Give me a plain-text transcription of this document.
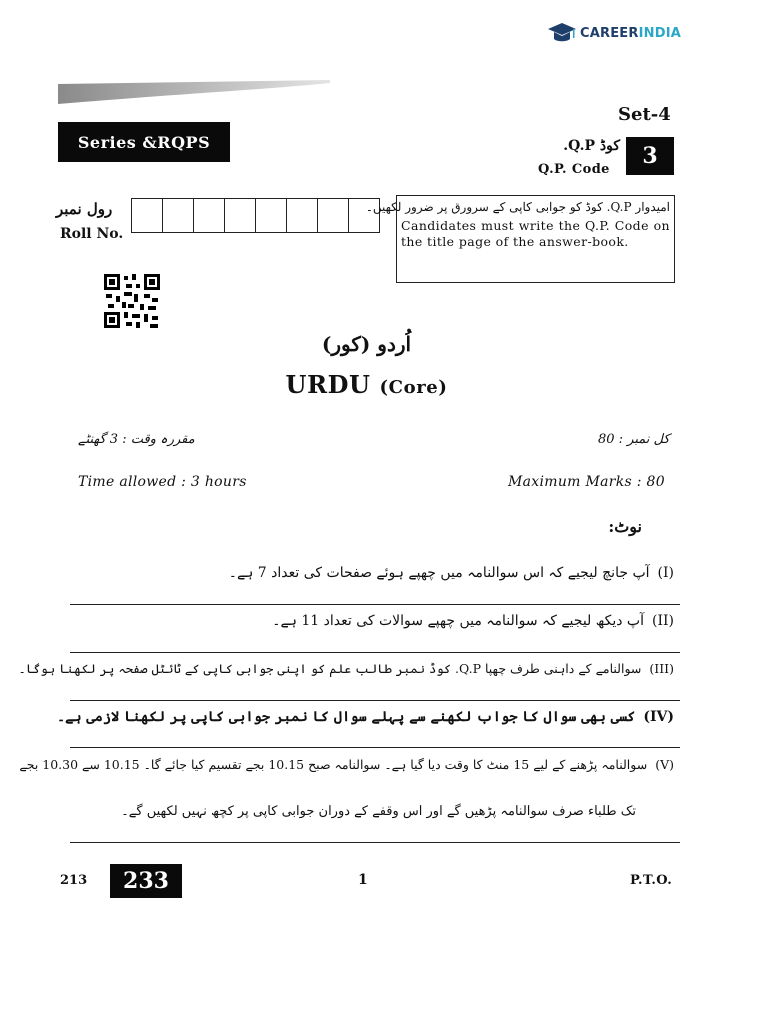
CAREERINDIA
Series &RQPS
Set-4
کوڈ Q.P.
Q.P. Code
3
رول نمبر
Roll No.
امیدوار Q.P. کوڈ کو جوابی کاپی کے سرورق پر ضرور لکھیں۔
Candidates must write the Q.P. Code on the title page of the answer-book.
اُردو (کور)
URDU (Core)
مقررہ وقت : 3 گھنٹے	کل نمبر : 80
Time allowed : 3 hours	Maximum Marks : 80
نوٹ:
(I)آپ جانچ لیجیے کہ اس سوالنامہ میں چھپے ہوئے صفحات کی تعداد 7 ہے۔
(II)آپ دیکھ لیجیے کہ سوالنامہ میں چھپے سوالات کی تعداد 11 ہے۔
(III)سوالنامے کے داہنی طرف چھپا Q.P. کوڈ نمبر طالب علم کو اپنی جوابی کاپی کے ٹائٹل صفحہ پر لکھنا ہوگا۔
(IV)کسی بھی سوال کا جواب لکھنے سے پہلے سوال کا نمبر جوابی کاپی پر لکھنا لازمی ہے۔
(V)سوالنامہ پڑھنے کے لیے 15 منٹ کا وقت دیا گیا ہے۔ سوالنامہ صبح 10.15 بجے تقسیم کیا جائے گا۔ 10.15 سے 10.30 بجے
تک طلباء صرف سوالنامہ پڑھیں گے اور اس وقفے کے دوران جوابی کاپی پر کچھ نہیں لکھیں گے۔
213	233	1	P.T.O.
